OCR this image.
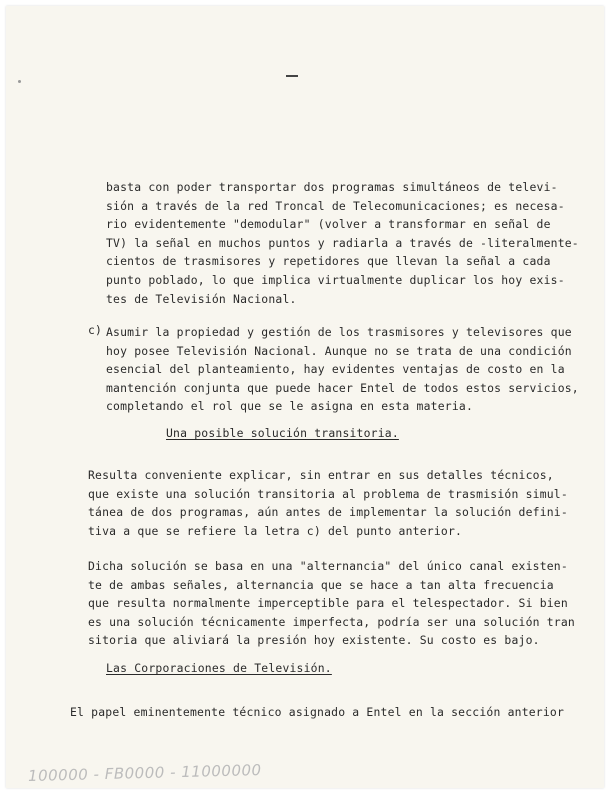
basta con poder transportar dos programas simultáneos de televi-
sión a través de la red Troncal de Telecomunicaciones; es necesa-
rio evidentemente "demodular" (volver a transformar en señal de
TV) la señal en muchos puntos y radiarla a través de -literalmente-
cientos de trasmisores y repetidores que llevan la señal a cada
punto poblado, lo que implica virtualmente duplicar los hoy exis-
tes de Televisión Nacional.
c) Asumir la propiedad y gestión de los trasmisores y televisores que
hoy posee Televisión Nacional. Aunque no se trata de una condición
esencial del planteamiento, hay evidentes ventajas de costo en la
mantención conjunta que puede hacer Entel de todos estos servicios,
completando el rol que se le asigna en esta materia.
Una posible solución transitoria.
Resulta conveniente explicar, sin entrar en sus detalles técnicos,
que existe una solución transitoria al problema de trasmisión simul-
tánea de dos programas, aún antes de implementar la solución defini-
tiva a que se refiere la letra c) del punto anterior.
Dicha solución se basa en una "alternancia" del único canal existen-
te de ambas señales, alternancia que se hace a tan alta frecuencia
que resulta normalmente imperceptible para el telespectador. Si bien
es una solución técnicamente imperfecta, podría ser una solución tran
sitoria que aliviará la presión hoy existente. Su costo es bajo.
Las Corporaciones de Televisión.
El papel eminentemente técnico asignado a Entel en la sección anterior
100000 - FB0000 - 11000000
